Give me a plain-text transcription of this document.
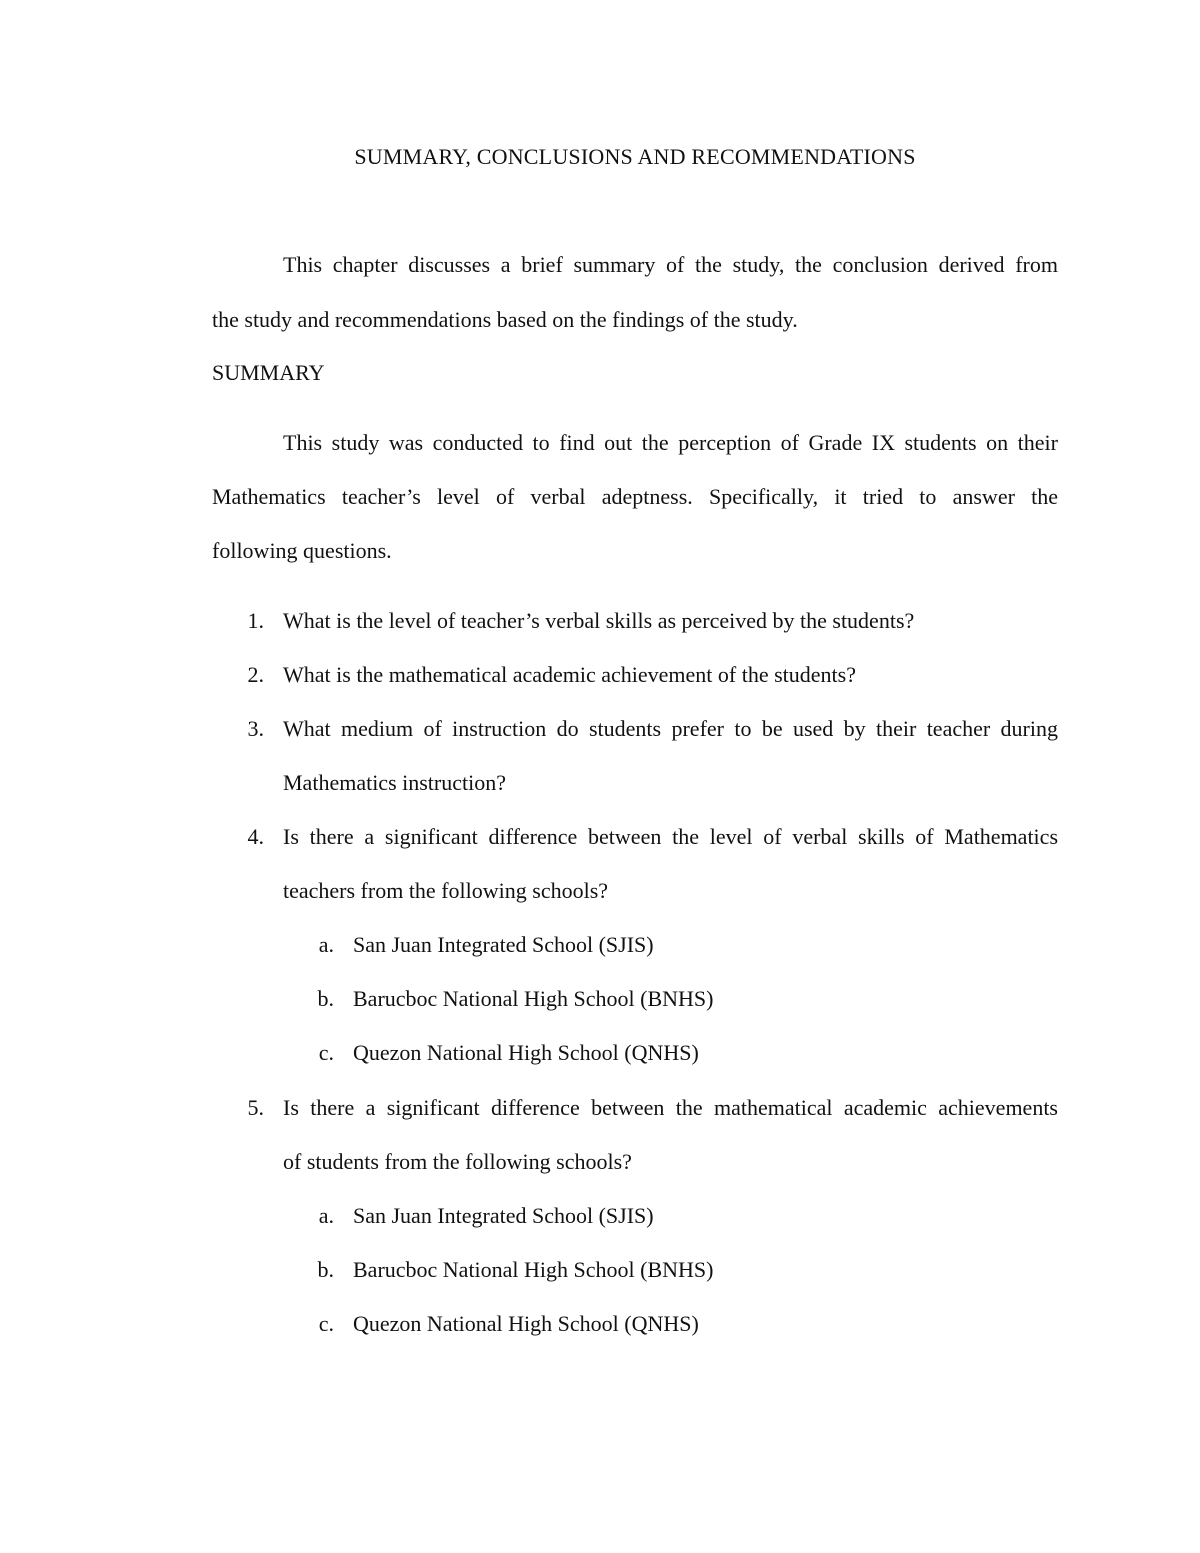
SUMMARY, CONCLUSIONS AND RECOMMENDATIONS
This chapter discusses a brief summary of the study, the conclusion derived from
the study and recommendations based on the findings of the study.
SUMMARY
This study was conducted to find out the perception of Grade IX students on their
Mathematics teacher’s level of verbal adeptness. Specifically, it tried to answer the
following questions.
1. What is the level of teacher’s verbal skills as perceived by the students?
2. What is the mathematical academic achievement of the students?
3. What medium of instruction do students prefer to be used by their teacher during
Mathematics instruction?
4. Is there a significant difference between the level of verbal skills of Mathematics
teachers from the following schools?
a. San Juan Integrated School (SJIS)
b. Barucboc National High School (BNHS)
c. Quezon National High School (QNHS)
5. Is there a significant difference between the mathematical academic achievements
of students from the following schools?
a. San Juan Integrated School (SJIS)
b. Barucboc National High School (BNHS)
c. Quezon National High School (QNHS)
